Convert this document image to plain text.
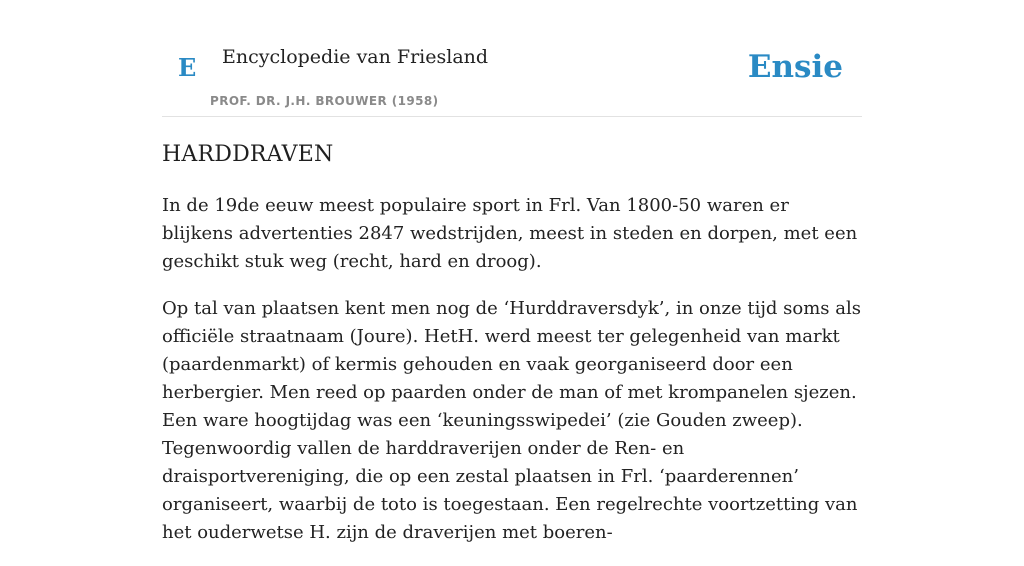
E Encyclopedie van Friesland
PROF. DR. J.H. BROUWER (1958)
Ensie
HARDDRAVEN

In de 19de eeuw meest populaire sport in Frl. Van 1800-50 waren er blijkens advertenties 2847 wedstrijden, meest in steden en dorpen, met een geschikt stuk weg (recht, hard en droog).

Op tal van plaatsen kent men nog de ‘Hurddraversdyk’, in onze tijd soms als officiële straatnaam (Joure). HetH. werd meest ter gelegenheid van markt (paardenmarkt) of kermis gehouden en vaak georganiseerd door een herbergier. Men reed op paarden onder de man of met krompanelen sjezen. Een ware hoogtijdag was een ‘keuningsswipedei’ (zie Gouden zweep). Tegenwoordig vallen de harddraverijen onder de Ren- en draisportvereniging, die op een zestal plaatsen in Frl. ‘paarderennen’ organiseert, waarbij de toto is toegestaan. Een regelrechte voortzetting van het ouderwetse H. zijn de draverijen met boeren-
